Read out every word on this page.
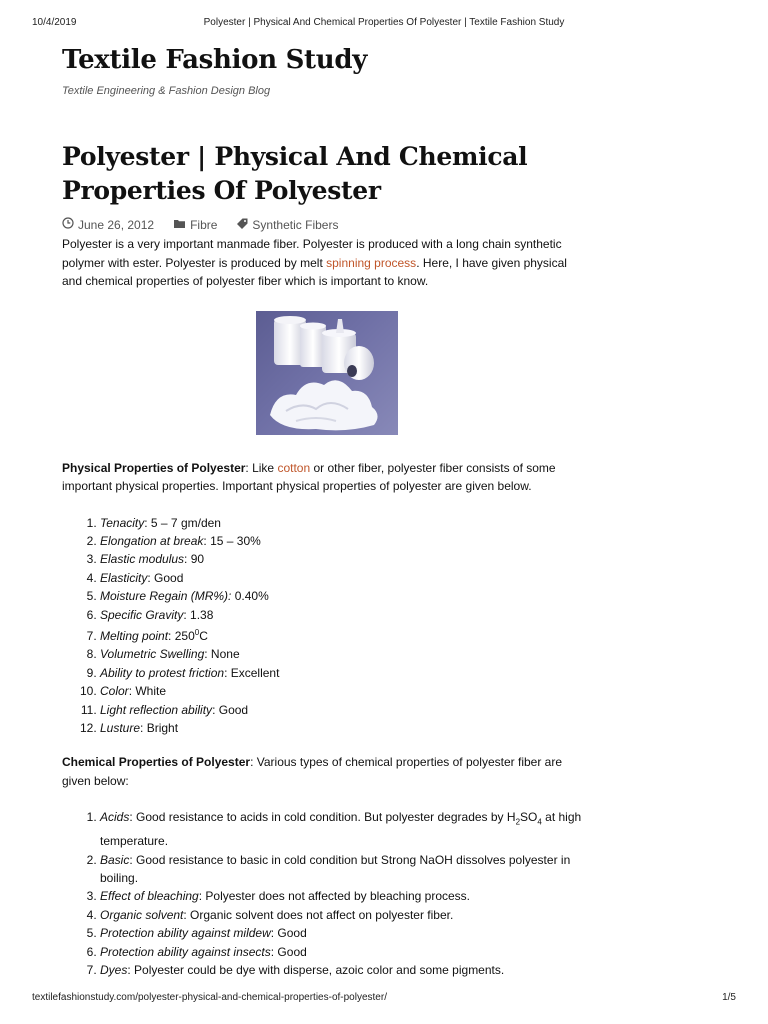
10/4/2019	Polyester | Physical And Chemical Properties Of Polyester | Textile Fashion Study
Textile Fashion Study
Textile Engineering & Fashion Design Blog
Polyester | Physical And Chemical Properties Of Polyester
June 26, 2012	Fibre	Synthetic Fibers

Polyester is a very important manmade fiber. Polyester is produced with a long chain synthetic polymer with ester. Polyester is produced by melt spinning process. Here, I have given physical and chemical properties of polyester fiber which is important to know.

Physical Properties of Polyester: Like cotton or other fiber, polyester fiber consists of some important physical properties. Important physical properties of polyester are given below.

1. Tenacity: 5 – 7 gm/den
2. Elongation at break: 15 – 30%
3. Elastic modulus: 90
4. Elasticity: Good
5. Moisture Regain (MR%): 0.40%
6. Specific Gravity: 1.38
7. Melting point: $250^0C$
8. Volumetric Swelling: None
9. Ability to protest friction: Excellent
10. Color: White
11. Light reflection ability: Good
12. Lusture: Bright

Chemical Properties of Polyester: Various types of chemical properties of polyester fiber are given below:

1. Acids: Good resistance to acids in cold condition. But polyester degrades by $H_2SO_4$ at high temperature.
2. Basic: Good resistance to basic in cold condition but Strong NaOH dissolves polyester in boiling.
3. Effect of bleaching: Polyester does not affected by bleaching process.
4. Organic solvent: Organic solvent does not affect on polyester fiber.
5. Protection ability against mildew: Good
6. Protection ability against insects: Good
7. Dyes: Polyester could be dye with disperse, azoic color and some pigments.
textilefashionstudy.com/polyester-physical-and-chemical-properties-of-polyester/	1/5
